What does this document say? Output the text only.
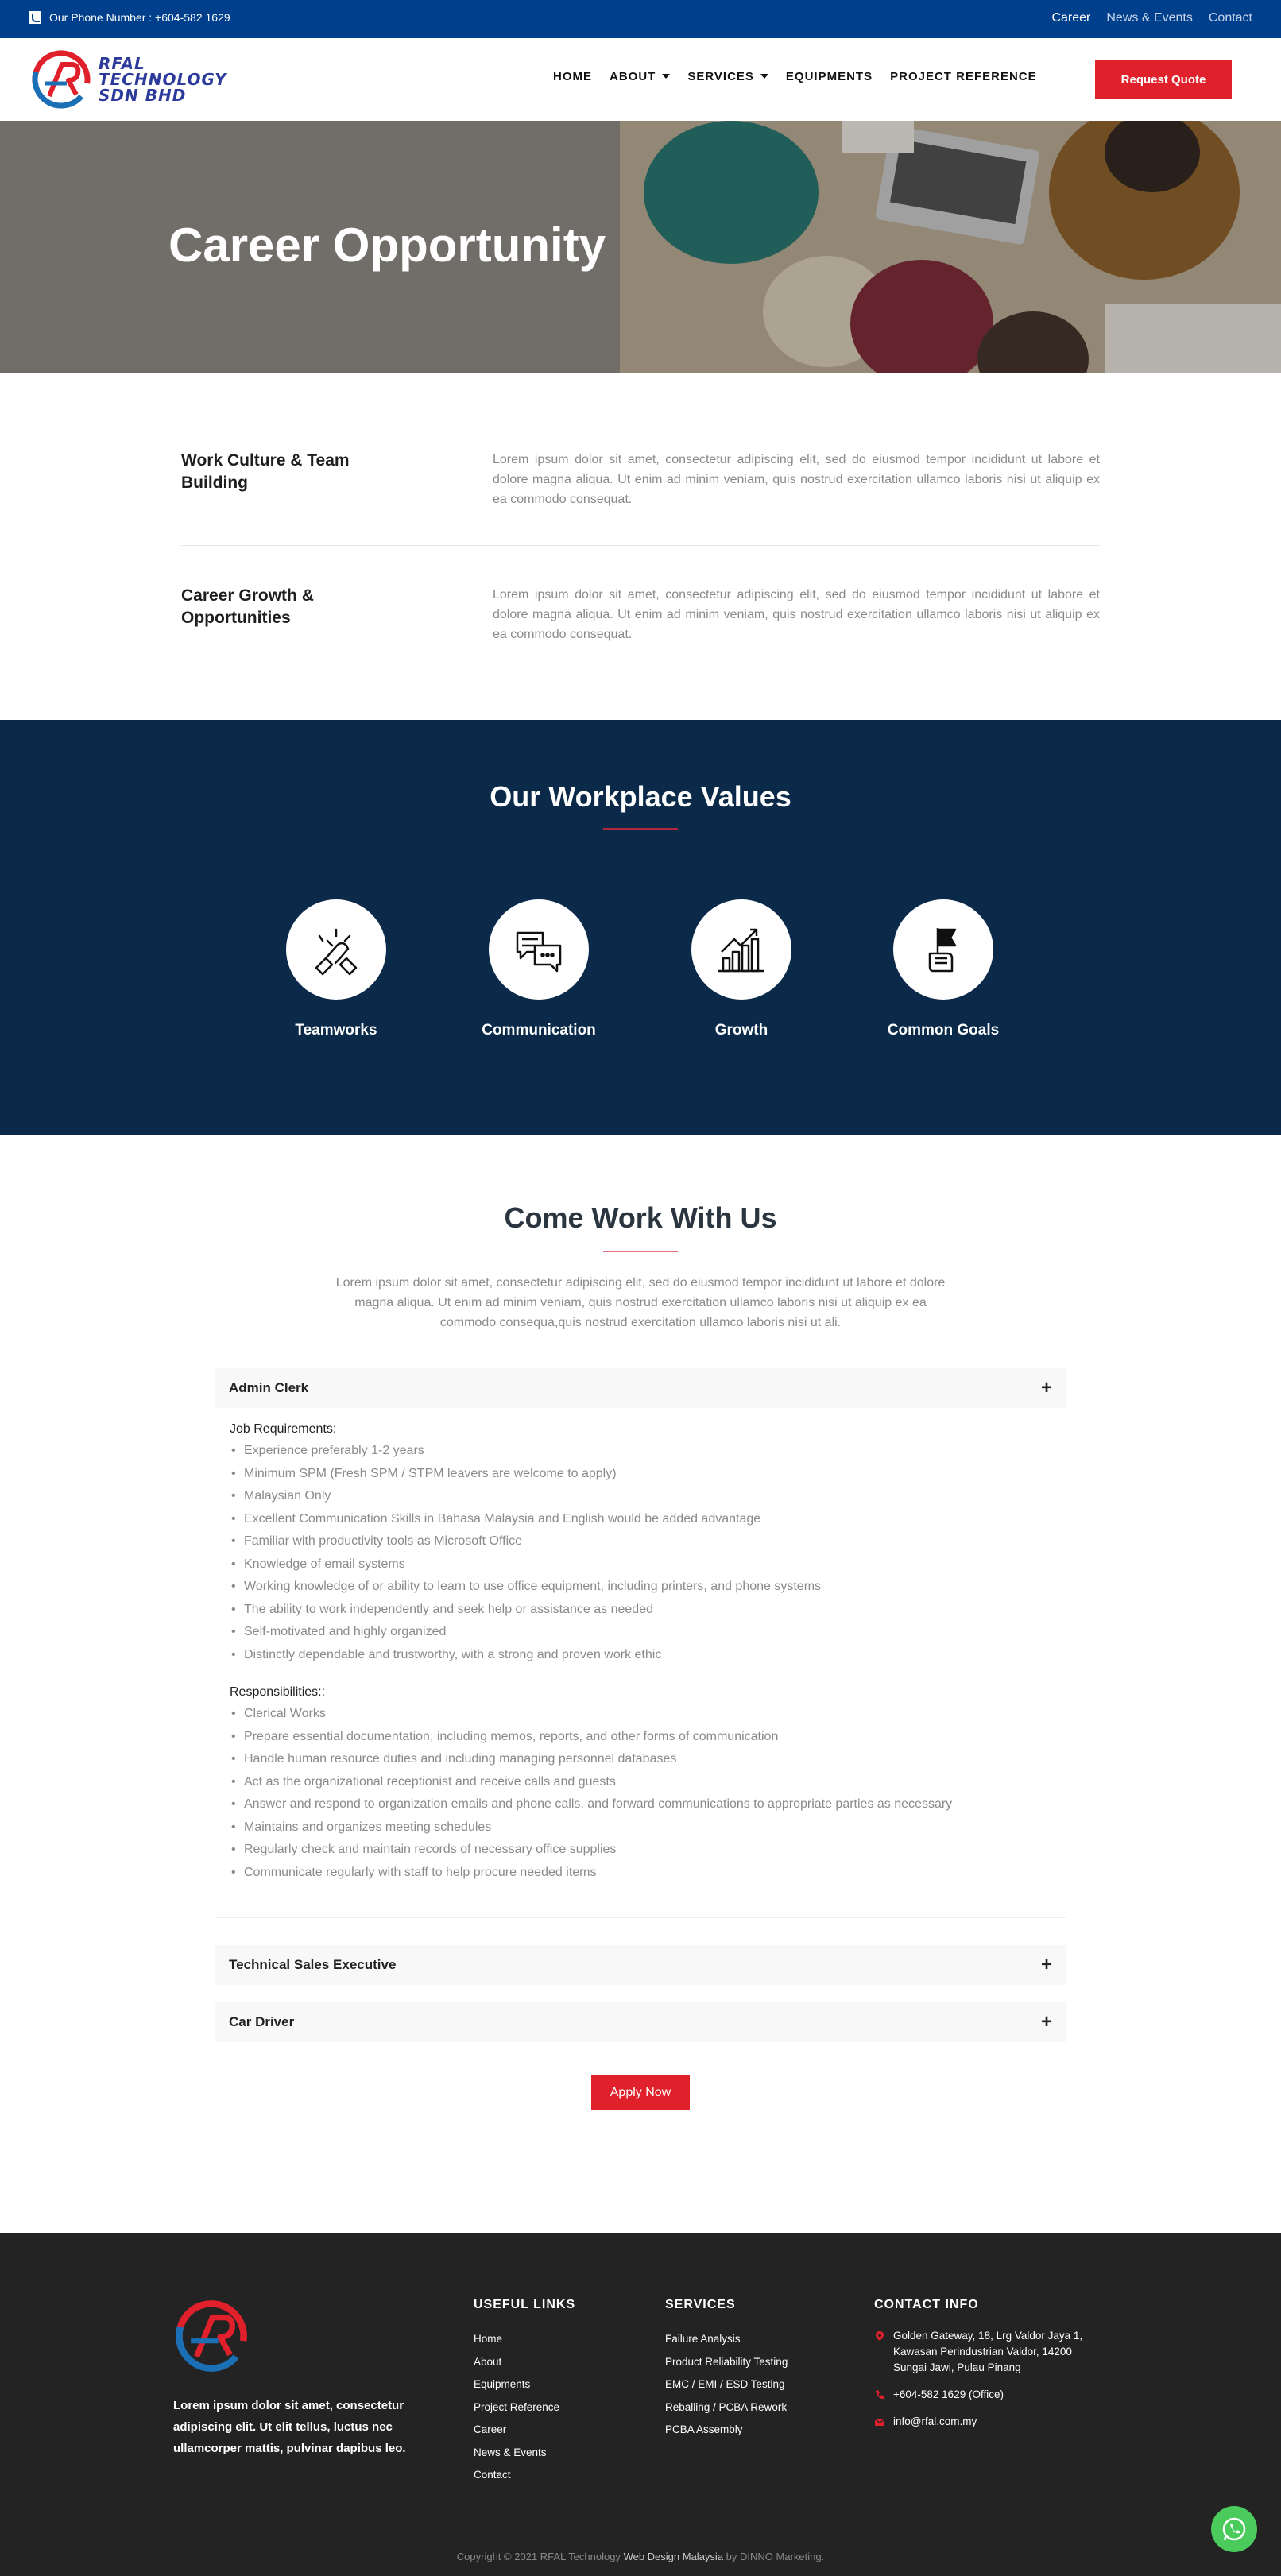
Our Phone Number : +604-582 1629	Career News & Events Contact
RFAL
TECHNOLOGY
SDN BHD
HOME ABOUT	SERVICES	EQUIPMENTS PROJECT REFERENCE	Request Quote
Career Opportunity
Work Culture & Team Building

Lorem ipsum dolor sit amet, consectetur adipiscing elit, sed do eiusmod tempor incididunt ut labore et dolore magna aliqua. Ut enim ad minim veniam, quis nostrud exercitation ullamco laboris nisi ut aliquip ex ea commodo consequat.

Career Growth & Opportunities

Lorem ipsum dolor sit amet, consectetur adipiscing elit, sed do eiusmod tempor incididunt ut labore et dolore magna aliqua. Ut enim ad minim veniam, quis nostrud exercitation ullamco laboris nisi ut aliquip ex ea commodo consequat.

Our Workplace Values
Teamworks	Communication	Growth	Common Goals
Come Work With Us
Lorem ipsum dolor sit amet, consectetur adipiscing elit, sed do eiusmod tempor incididunt ut labore et dolore magna aliqua. Ut enim ad minim veniam, quis nostrud exercitation ullamco laboris nisi ut aliquip ex ea commodo consequa,quis nostrud exercitation ullamco laboris nisi ut ali.
Admin Clerk	+
Job Requirements:
• Experience preferably 1-2 years
• Minimum SPM (Fresh SPM / STPM leavers are welcome to apply)
• Malaysian Only
• Excellent Communication Skills in Bahasa Malaysia and English would be added advantage
• Familiar with productivity tools as Microsoft Office
• Knowledge of email systems
• Working knowledge of or ability to learn to use office equipment, including printers, and phone systems
• The ability to work independently and seek help or assistance as needed
• Self-motivated and highly organized
• Distinctly dependable and trustworthy, with a strong and proven work ethic
Responsibilities::
• Clerical Works
• Prepare essential documentation, including memos, reports, and other forms of communication
• Handle human resource duties and including managing personnel databases
• Act as the organizational receptionist and receive calls and guests
• Answer and respond to organization emails and phone calls, and forward communications to appropriate parties as necessary
• Maintains and organizes meeting schedules
• Regularly check and maintain records of necessary office supplies
• Communicate regularly with staff to help procure needed items
Technical Sales Executive	+
Car Driver	+
Apply Now
Lorem ipsum dolor sit amet, consectetur adipiscing elit. Ut elit tellus, luctus nec ullamcorper mattis, pulvinar dapibus leo.
USEFUL LINKS
Home
About
Equipments
Project Reference
Career
News & Events
Contact
SERVICES
Failure Analysis
Product Reliability Testing
EMC / EMI / ESD Testing
Reballing / PCBA Rework
PCBA Assembly
CONTACT INFO
Golden Gateway, 18, Lrg Valdor Jaya 1, Kawasan Perindustrian Valdor, 14200 Sungai Jawi, Pulau Pinang
+604-582 1629 (Office)
info@rfal.com.my
Copyright © 2021 RFAL Technology Web Design Malaysia by DINNO Marketing.
